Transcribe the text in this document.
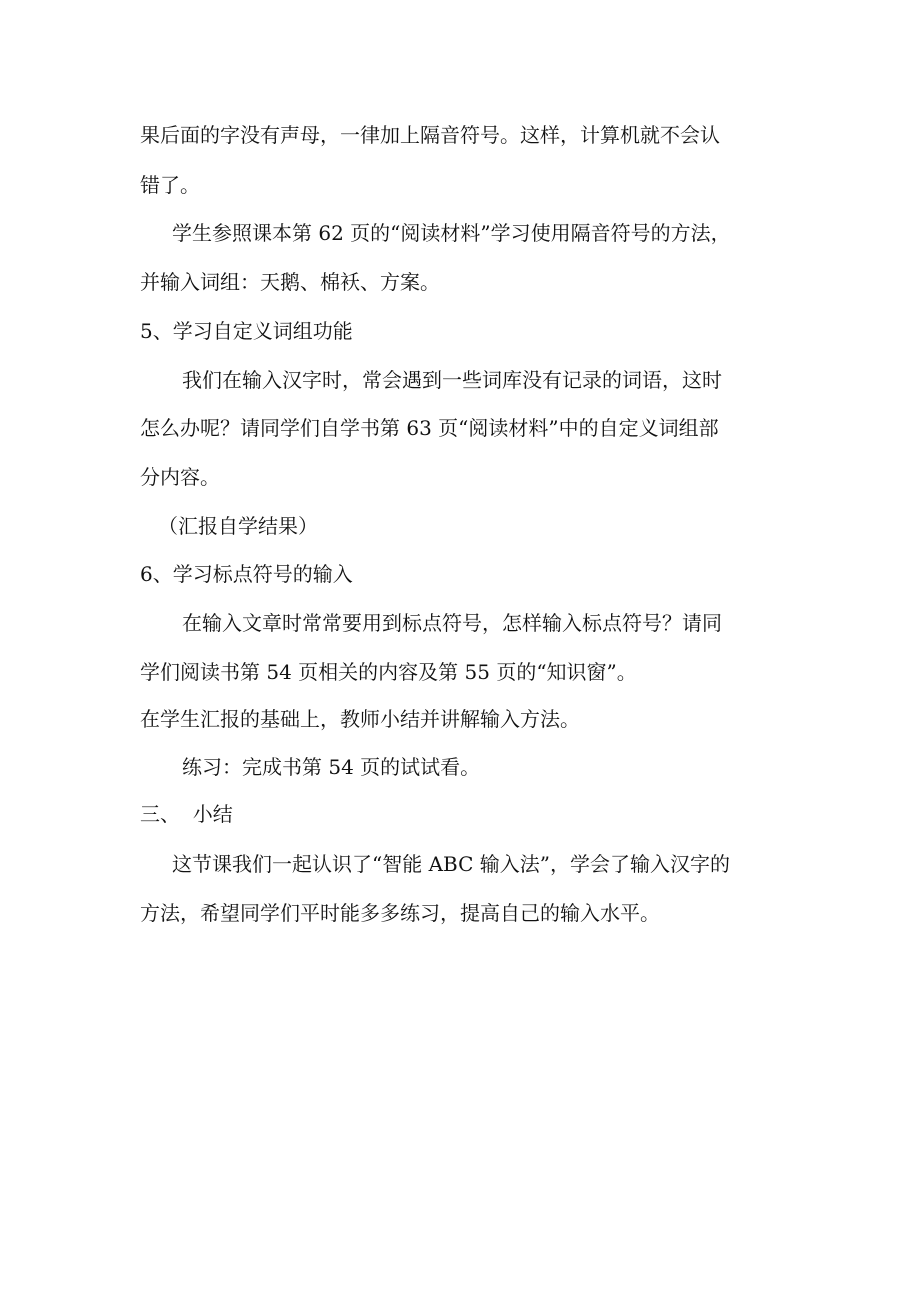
果后面的字没有声母，一律加上隔音符号。这样，计算机就不会认
错了。
学生参照课本第 62 页的“阅读材料”学习使用隔音符号的方法，
并输入词组：天鹅、棉袄、方案。
5、学习自定义词组功能
我们在输入汉字时，常会遇到一些词库没有记录的词语，这时
怎么办呢？请同学们自学书第 63 页“阅读材料”中的自定义词组部
分内容。
（汇报自学结果）
6、学习标点符号的输入
在输入文章时常常要用到标点符号，怎样输入标点符号？请同
学们阅读书第 54 页相关的内容及第 55 页的“知识窗”。
在学生汇报的基础上，教师小结并讲解输入方法。
练习：完成书第 54 页的试试看。
三、  小结
这节课我们一起认识了“智能 ABC 输入法”，学会了输入汉字的
方法，希望同学们平时能多多练习，提高自己的输入水平。
